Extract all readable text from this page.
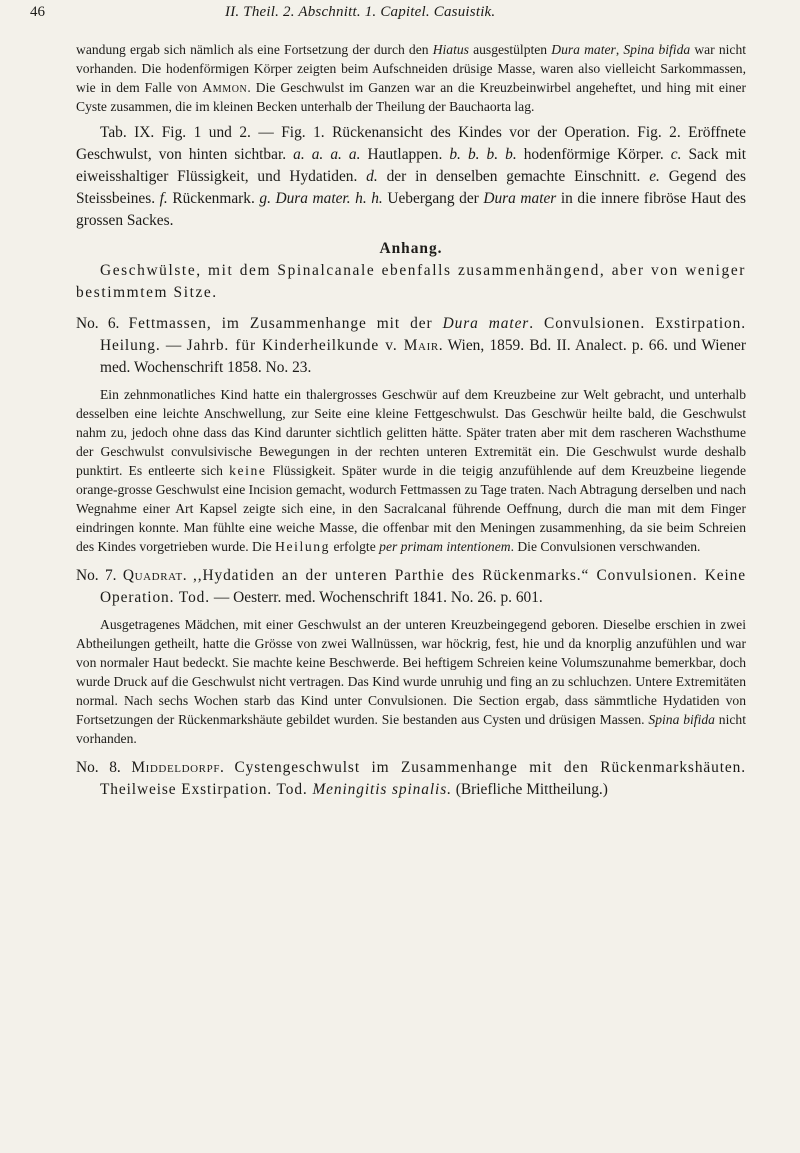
46	II. Theil. 2. Abschnitt. 1. Capitel. Casuistik.

wandung ergab sich nämlich als eine Fortsetzung der durch den Hiatus ausgestülpten Dura mater, Spina bifida war nicht vorhanden. Die hodenförmigen Körper zeigten beim Aufschneiden drüsige Masse, waren also vielleicht Sarkommassen, wie in dem Falle von Ammon. Die Geschwulst im Ganzen war an die Kreuzbeinwirbel angeheftet, und hing mit einer Cyste zusammen, die im kleinen Becken unterhalb der Theilung der Bauchaorta lag.

Tab. IX. Fig. 1 und 2. — Fig. 1. Rückenansicht des Kindes vor der Operation. Fig. 2. Eröffnete Geschwulst, von hinten sichtbar. a. a. a. a. Hautlappen. b. b. b. b. hodenförmige Körper. c. Sack mit eiweisshaltiger Flüssigkeit, und Hydatiden. d. der in denselben gemachte Einschnitt. e. Gegend des Steissbeines. f. Rückenmark. g. Dura mater. h. h. Uebergang der Dura mater in die innere fibröse Haut des grossen Sackes.

Anhang.

Geschwülste, mit dem Spinalcanale ebenfalls zusammenhängend, aber von weniger bestimmtem Sitze.

No. 6. Fettmassen, im Zusammenhange mit der Dura mater. Convulsionen. Exstirpation. Heilung. — Jahrb. für Kinderheilkunde v. Mair. Wien, 1859. Bd. II. Analect. p. 66. und Wiener med. Wochenschrift 1858. No. 23.

Ein zehnmonatliches Kind hatte ein thalergrosses Geschwür auf dem Kreuzbeine zur Welt gebracht, und unterhalb desselben eine leichte Anschwellung, zur Seite eine kleine Fettgeschwulst. Das Geschwür heilte bald, die Geschwulst nahm zu, jedoch ohne dass das Kind darunter sichtlich gelitten hätte. Später traten aber mit dem rascheren Wachsthume der Geschwulst convulsivische Bewegungen in der rechten unteren Extremität ein. Die Geschwulst wurde deshalb punktirt. Es entleerte sich keine Flüssigkeit. Später wurde in die teigig anzufühlende auf dem Kreuzbeine liegende orange-grosse Geschwulst eine Incision gemacht, wodurch Fettmassen zu Tage traten. Nach Abtragung derselben und nach Wegnahme einer Art Kapsel zeigte sich eine, in den Sacralcanal führende Oeffnung, durch die man mit dem Finger eindringen konnte. Man fühlte eine weiche Masse, die offenbar mit den Meningen zusammenhing, da sie beim Schreien des Kindes vorgetrieben wurde. Die Heilung erfolgte per primam intentionem. Die Convulsionen verschwanden.

No. 7. Quadrat. ,,Hydatiden an der unteren Parthie des Rückenmarks.“ Convulsionen. Keine Operation. Tod. — Oesterr. med. Wochenschrift 1841. No. 26. p. 601.

Ausgetragenes Mädchen, mit einer Geschwulst an der unteren Kreuzbeingegend geboren. Dieselbe erschien in zwei Abtheilungen getheilt, hatte die Grösse von zwei Wallnüssen, war höckrig, fest, hie und da knorplig anzufühlen und war von normaler Haut bedeckt. Sie machte keine Beschwerde. Bei heftigem Schreien keine Volumszunahme bemerkbar, doch wurde Druck auf die Geschwulst nicht vertragen. Das Kind wurde unruhig und fing an zu schluchzen. Untere Extremitäten normal. Nach sechs Wochen starb das Kind unter Convulsionen. Die Section ergab, dass sämmtliche Hydatiden von Fortsetzungen der Rückenmarkshäute gebildet wurden. Sie bestanden aus Cysten und drüsigen Massen. Spina bifida nicht vorhanden.

No. 8. Middeldorpf. Cystengeschwulst im Zusammenhange mit den Rückenmarkshäuten. Theilweise Exstirpation. Tod. Meningitis spinalis. (Briefliche Mittheilung.)
